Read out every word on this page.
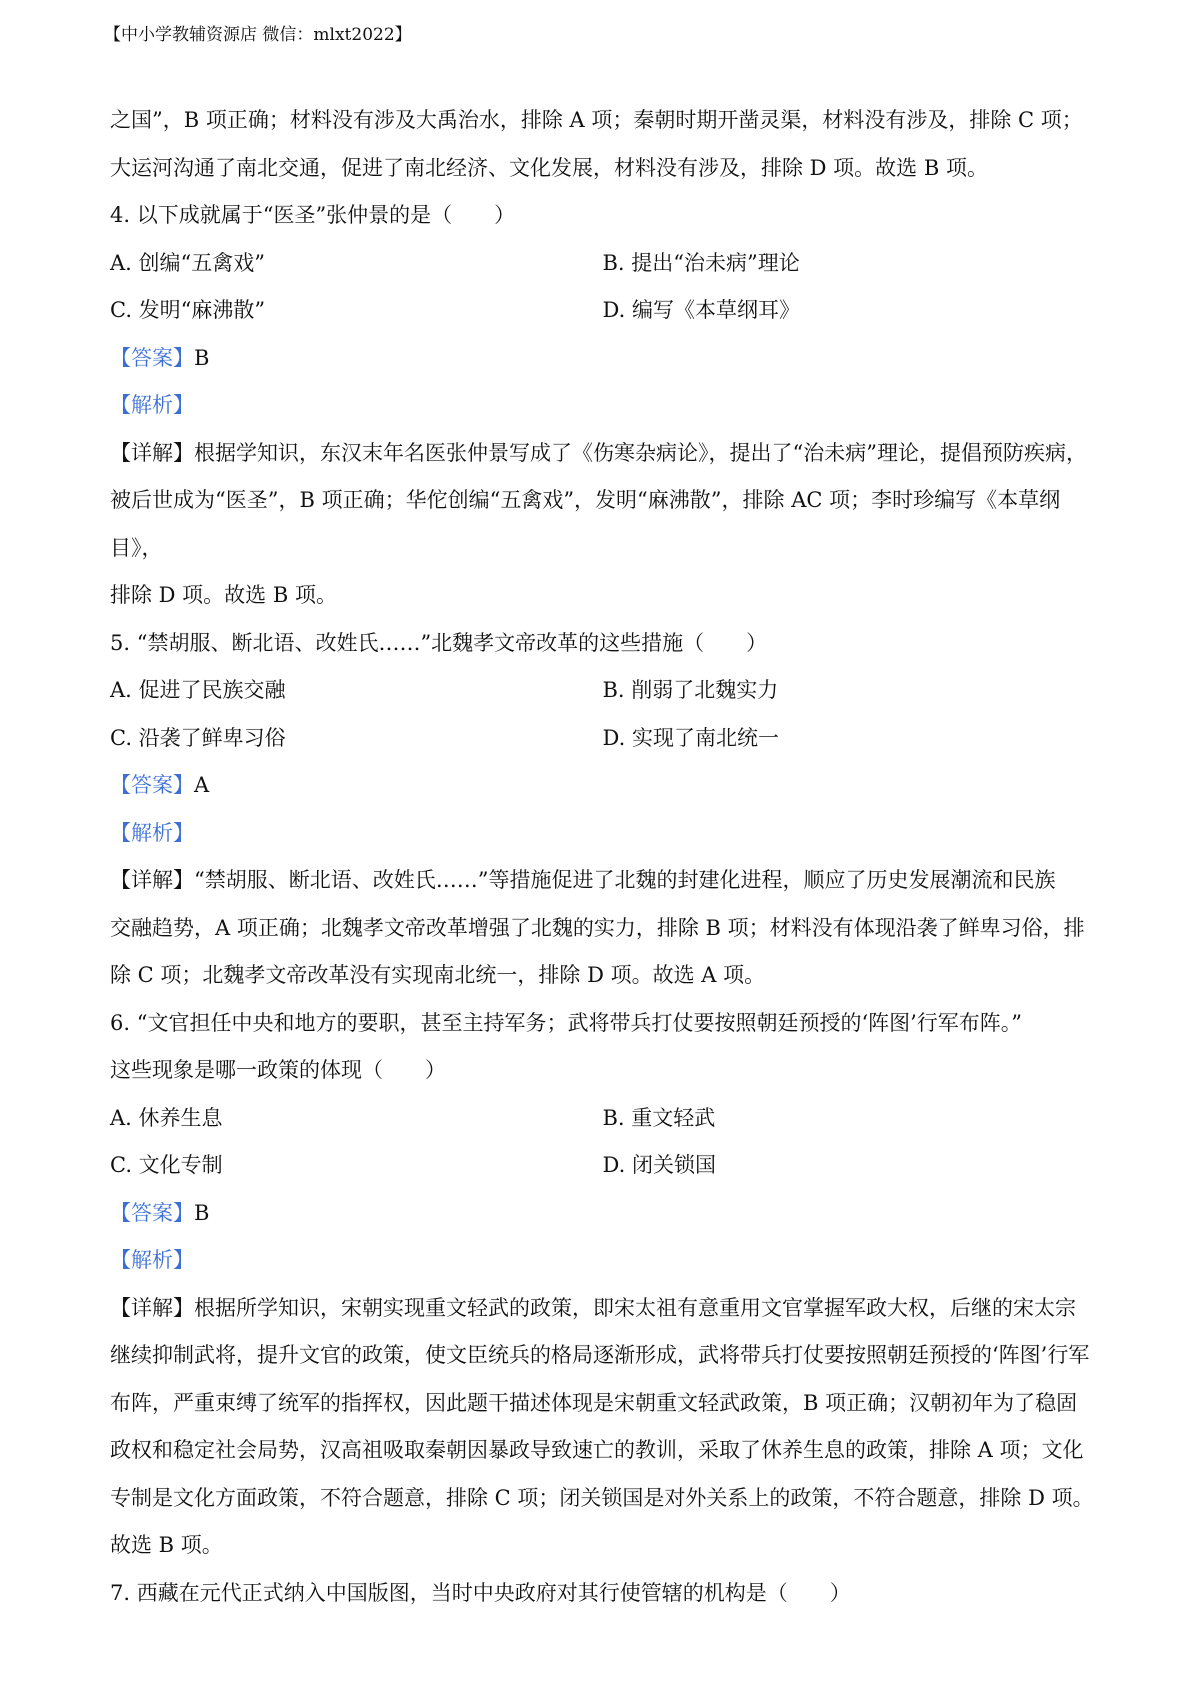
【中小学教辅资源店 微信：mlxt2022】

之国”，B 项正确；材料没有涉及大禹治水，排除 A 项；秦朝时期开凿灵渠，材料没有涉及，排除 C 项；

大运河沟通了南北交通，促进了南北经济、文化发展，材料没有涉及，排除 D 项。故选 B 项。

4. 以下成就属于“医圣”张仲景的是（　　）

A. 创编“五禽戏”	B. 提出“治未病”理论
C. 发明“麻沸散”	D. 编写《本草纲耳》

【答案】B

【解析】

【详解】根据学知识，东汉末年名医张仲景写成了《伤寒杂病论》，提出了“治未病”理论，提倡预防疾病，

被后世成为“医圣”，B 项正确；华佗创编“五禽戏”，发明“麻沸散”，排除 AC 项；李时珍编写《本草纲目》，

排除 D 项。故选 B 项。

5. “禁胡服、断北语、改姓氏……”北魏孝文帝改革的这些措施（　　）

A. 促进了民族交融	B. 削弱了北魏实力
C. 沿袭了鲜卑习俗	D. 实现了南北统一

【答案】A

【解析】

【详解】“禁胡服、断北语、改姓氏……”等措施促进了北魏的封建化进程，顺应了历史发展潮流和民族

交融趋势，A 项正确；北魏孝文帝改革增强了北魏的实力，排除 B 项；材料没有体现沿袭了鲜卑习俗，排

除 C 项；北魏孝文帝改革没有实现南北统一，排除 D 项。故选 A 项。

6. “文官担任中央和地方的要职，甚至主持军务；武将带兵打仗要按照朝廷预授的‘阵图’行军布阵。”

这些现象是哪一政策的体现（　　）

A. 休养生息	B. 重文轻武
C. 文化专制	D. 闭关锁国

【答案】B

【解析】

【详解】根据所学知识，宋朝实现重文轻武的政策，即宋太祖有意重用文官掌握军政大权，后继的宋太宗

继续抑制武将，提升文官的政策，使文臣统兵的格局逐渐形成，武将带兵打仗要按照朝廷预授的‘阵图’行军

布阵，严重束缚了统军的指挥权，因此题干描述体现是宋朝重文轻武政策，B 项正确；汉朝初年为了稳固

政权和稳定社会局势，汉高祖吸取秦朝因暴政导致速亡的教训，采取了休养生息的政策，排除 A 项；文化

专制是文化方面政策，不符合题意，排除 C 项；闭关锁国是对外关系上的政策，不符合题意，排除 D 项。

故选 B 项。

7. 西藏在元代正式纳入中国版图，当时中央政府对其行使管辖的机构是（　　）
